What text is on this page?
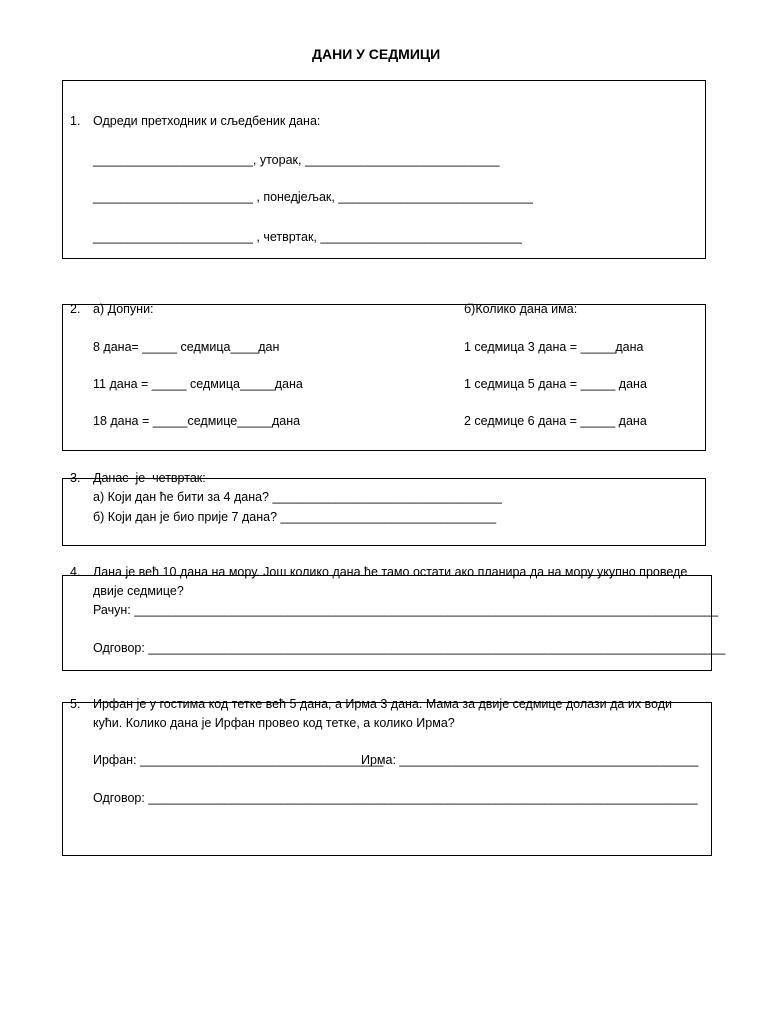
ДАНИ У СЕДМИЦИ
1. Одреди претходник и сљедбеник дана:
_______________________, уторак, ____________________________
_______________________ , понедјељак, ____________________________
_______________________ , четвртак, _____________________________
2. а) Допуни:	б)Колико дана има:
8 дана= _____ седмица____дан
11 дана = _____ седмица_____дана
18 дана = _____седмице_____дана
1 седмица 3 дана = _____дана
1 седмица 5 дана = _____ дана
2 седмице 6 дана = _____ дана
3. Данас  је  четвртак:
а) Који дан ће бити за 4 дана? _________________________________
б) Који дан је био прије 7 дана? _______________________________
4. Лана је већ 10 дана на мору. Још колико дана ће тамо остати ако планира да на мору укупно проведе
двије седмице?
Рачун: ____________________________________________________________________________________
Одговор: ___________________________________________________________________________________
5. Ирфан је у гостима код тетке већ 5 дана, а Ирма 3 дана. Мама за двије седмице долази да их води
кући. Колико дана је Ирфан провео код тетке, а колико Ирма?
Ирфан: ___________________________________
Ирма: ___________________________________________
Одговор: _______________________________________________________________________________
